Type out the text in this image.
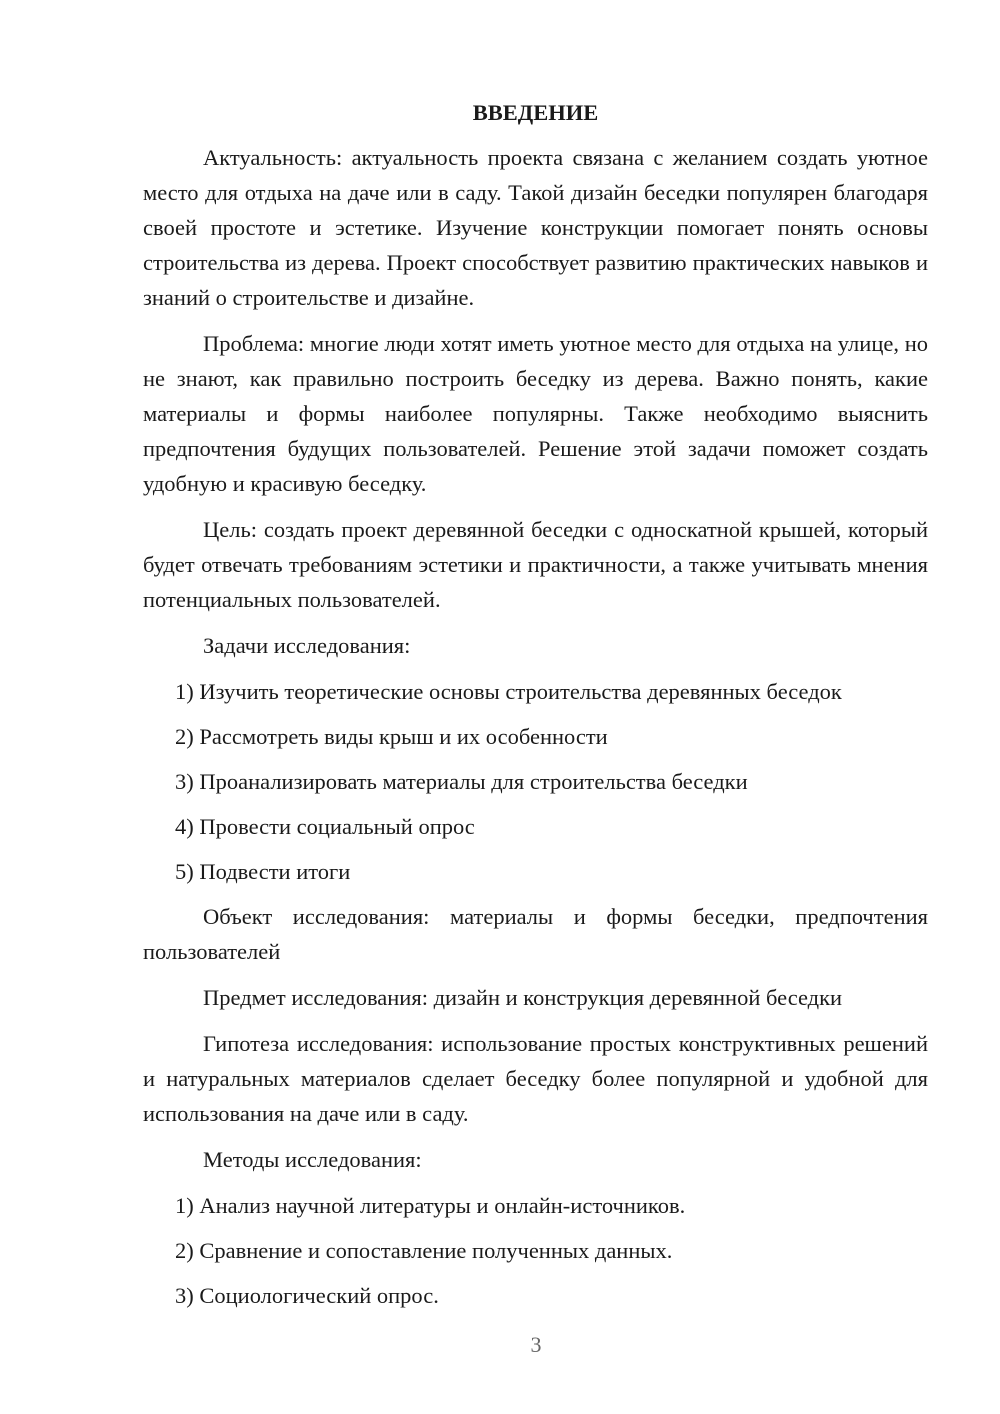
ВВЕДЕНИЕ

Актуальность: актуальность проекта связана с желанием создать уютное место для отдыха на даче или в саду. Такой дизайн беседки популярен благодаря своей простоте и эстетике. Изучение конструкции помогает понять основы строительства из дерева. Проект способствует развитию практических навыков и знаний о строительстве и дизайне.

Проблема: многие люди хотят иметь уютное место для отдыха на улице, но не знают, как правильно построить беседку из дерева. Важно понять, какие материалы и формы наиболее популярны. Также необходимо выяснить предпочтения будущих пользователей. Решение этой задачи поможет создать удобную и красивую беседку.

Цель: создать проект деревянной беседки с односкатной крышей, который будет отвечать требованиям эстетики и практичности, а также учитывать мнения потенциальных пользователей.

Задачи исследования:
1) Изучить теоретические основы строительства деревянных беседок
2) Рассмотреть виды крыш и их особенности
3) Проанализировать материалы для строительства беседки
4) Провести социальный опрос
5) Подвести итоги

Объект исследования: материалы и формы беседки, предпочтения пользователей

Предмет исследования: дизайн и конструкция деревянной беседки

Гипотеза исследования: использование простых конструктивных решений и натуральных материалов сделает беседку более популярной и удобной для использования на даче или в саду.

Методы исследования:
1) Анализ научной литературы и онлайн-источников.
2) Сравнение и сопоставление полученных данных.
3) Социологический опрос.
3
